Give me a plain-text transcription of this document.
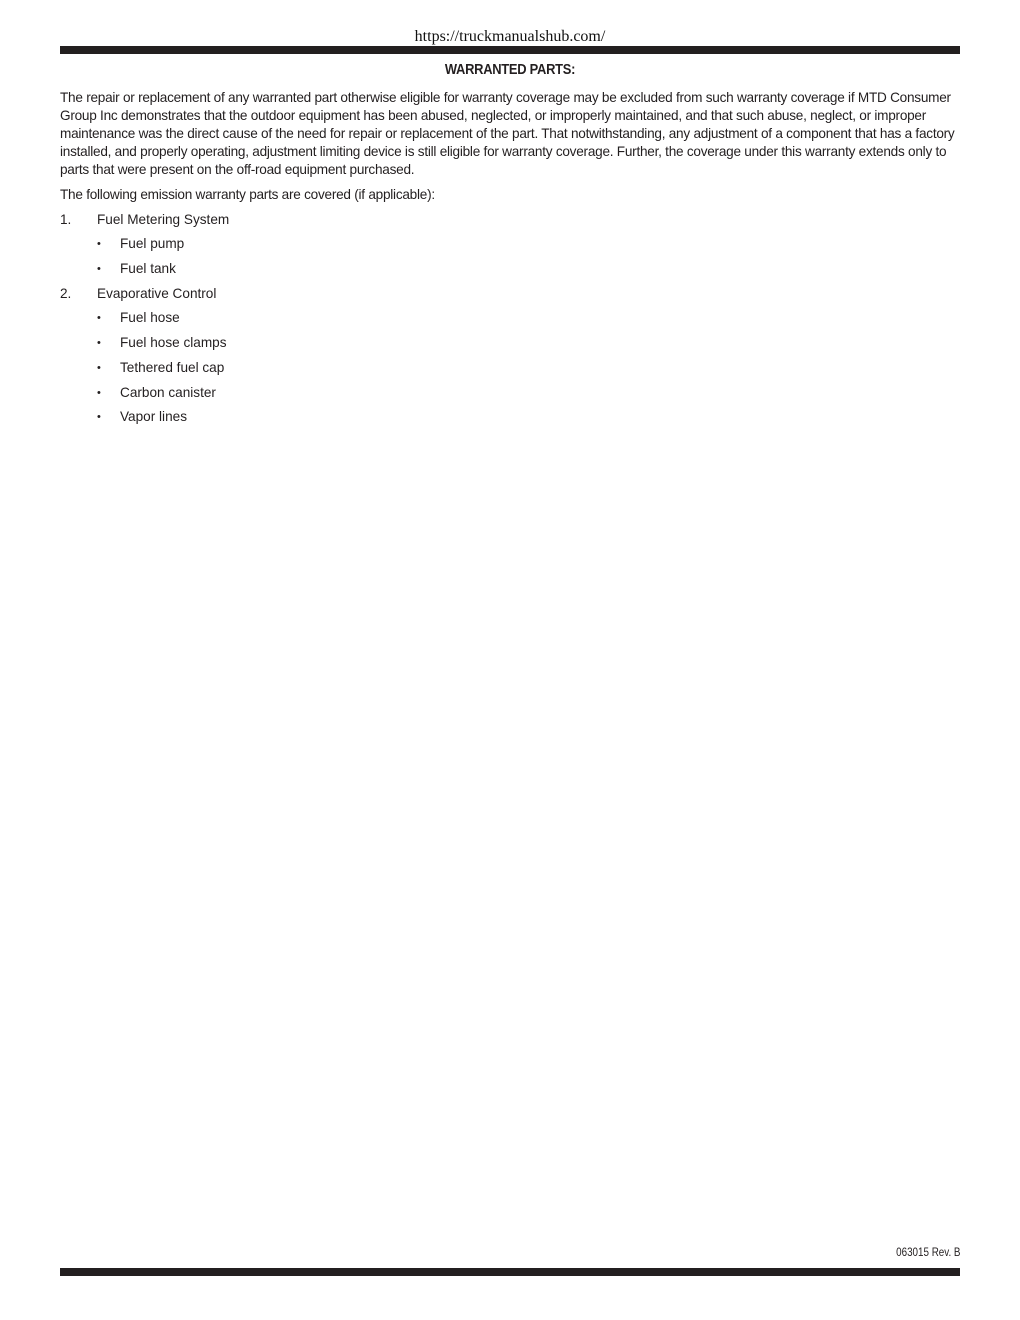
https://truckmanualshub.com/
WARRANTED PARTS:

The repair or replacement of any warranted part otherwise eligible for warranty coverage may be excluded from such warranty coverage if MTD Consumer Group Inc demonstrates that the outdoor equipment has been abused, neglected, or improperly maintained, and that such abuse, neglect, or improper maintenance was the direct cause of the need for repair or replacement of the part. That notwithstanding, any adjustment of a component that has a factory installed, and properly operating, adjustment limiting device is still eligible for warranty coverage. Further, the coverage under this warranty extends only to parts that were present on the off-road equipment purchased.

The following emission warranty parts are covered (if applicable):

1. Fuel Metering System
• Fuel pump
• Fuel tank
2. Evaporative Control
• Fuel hose
• Fuel hose clamps
• Tethered fuel cap
• Carbon canister
• Vapor lines
063015 Rev. B
